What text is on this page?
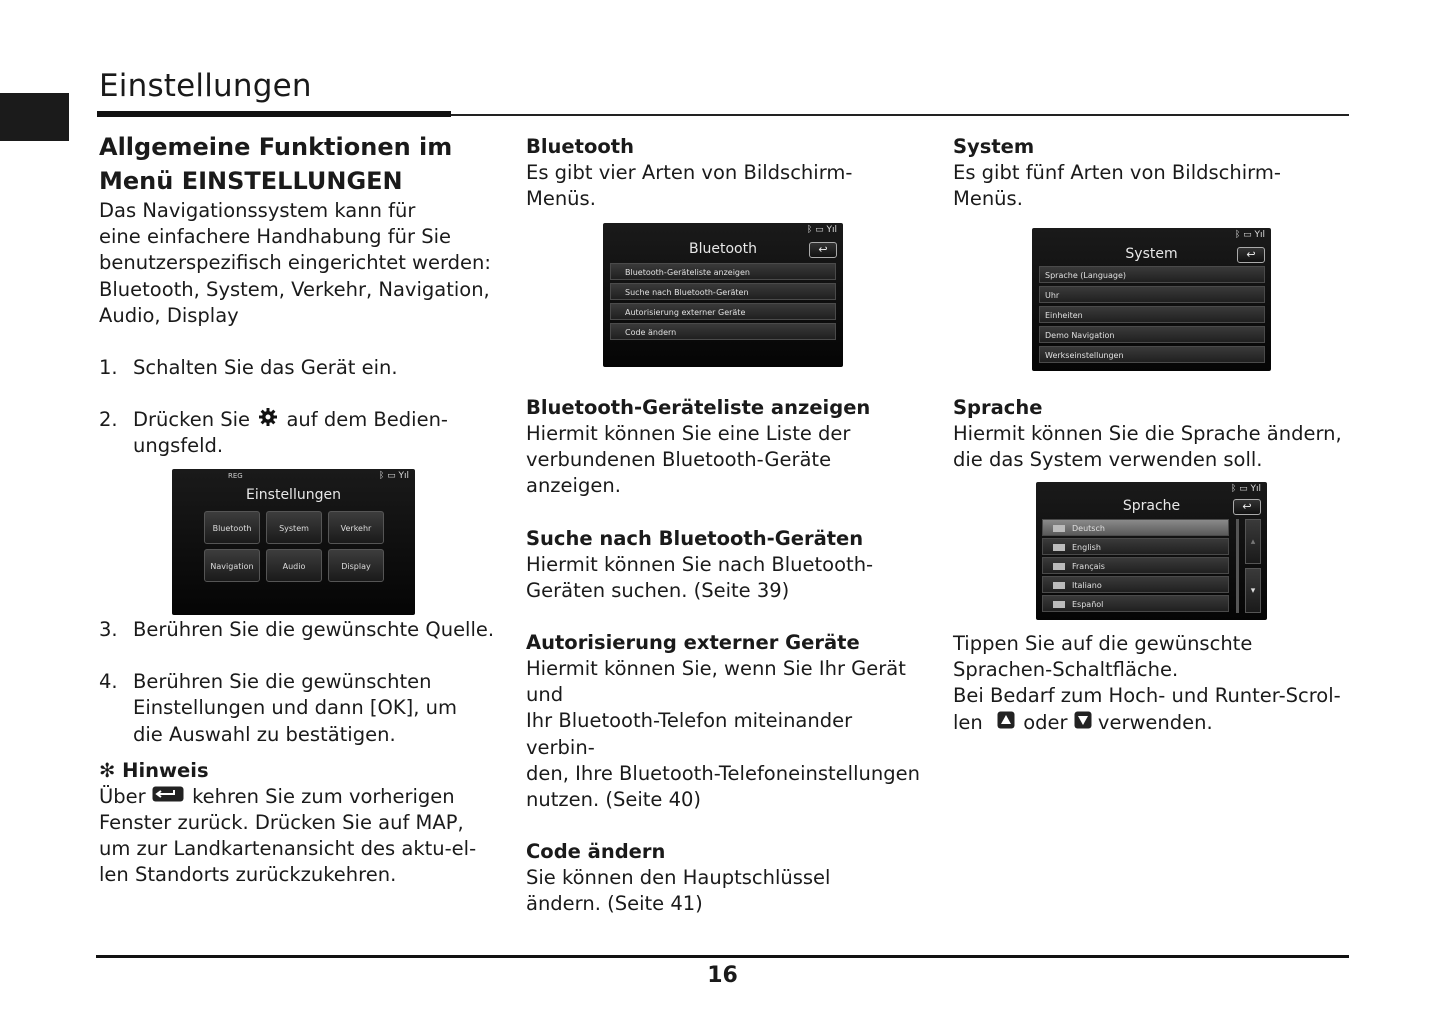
Einstellungen
Allgemeine Funktionen im
Menü EINSTELLUNGEN

Das Navigationssystem kann für
eine einfachere Handhabung für Sie
benutzerspezifisch eingerichtet werden:
Bluetooth, System, Verkehr, Navigation,
Audio, Display

1. Schalten Sie das Gerät ein.
2. Drücken Sie auf dem Bedien-
ungsfeld.
REG	ᛒ ▭ Yıl
Einstellungen
Bluetooth	System	Verkehr
Navigation	Audio	Display
3. Berühren Sie die gewünschte Quelle.
4. Berühren Sie die gewünschten
Einstellungen und dann [OK], um
die Auswahl zu bestätigen.
✻ Hinweis

Über kehren Sie zum vorherigen
Fenster zurück. Drücken Sie auf MAP,
um zur Landkartenansicht des aktu-el-
len Standorts zurückzukehren.

Bluetooth

Es gibt vier Arten von Bildschirm-
Menüs.

ᛒ ▭ Yıl
Bluetooth	↩
Bluetooth-Geräteliste anzeigen
Suche nach Bluetooth-Geräten
Autorisierung externer Geräte
Code ändern
Bluetooth-Geräteliste anzeigen

Hiermit können Sie eine Liste der
verbundenen Bluetooth-Geräte
anzeigen.

Suche nach Bluetooth-Geräten

Hiermit können Sie nach Bluetooth-
Geräten suchen. (Seite 39)

Autorisierung externer Geräte

Hiermit können Sie, wenn Sie Ihr Gerät und
Ihr Bluetooth-Telefon miteinander verbin-
den, Ihre Bluetooth-Telefoneinstellungen
nutzen. (Seite 40)

Code ändern

Sie können den Hauptschlüssel
ändern. (Seite 41)

System

Es gibt fünf Arten von Bildschirm-
Menüs.

ᛒ ▭ Yıl
System	↩
Sprache (Language)
Uhr
Einheiten
Demo Navigation
Werkseinstellungen
Sprache

Hiermit können Sie die Sprache ändern,
die das System verwenden soll.

ᛒ ▭ Yıl
Sprache	↩
Deutsch
English
Français
Italiano
Español
▴
▾

Tippen Sie auf die gewünschte
Sprachen-Schaltfläche.
Bei Bedarf zum Hoch- und Runter-Scrol-
len oder verwenden.

16
